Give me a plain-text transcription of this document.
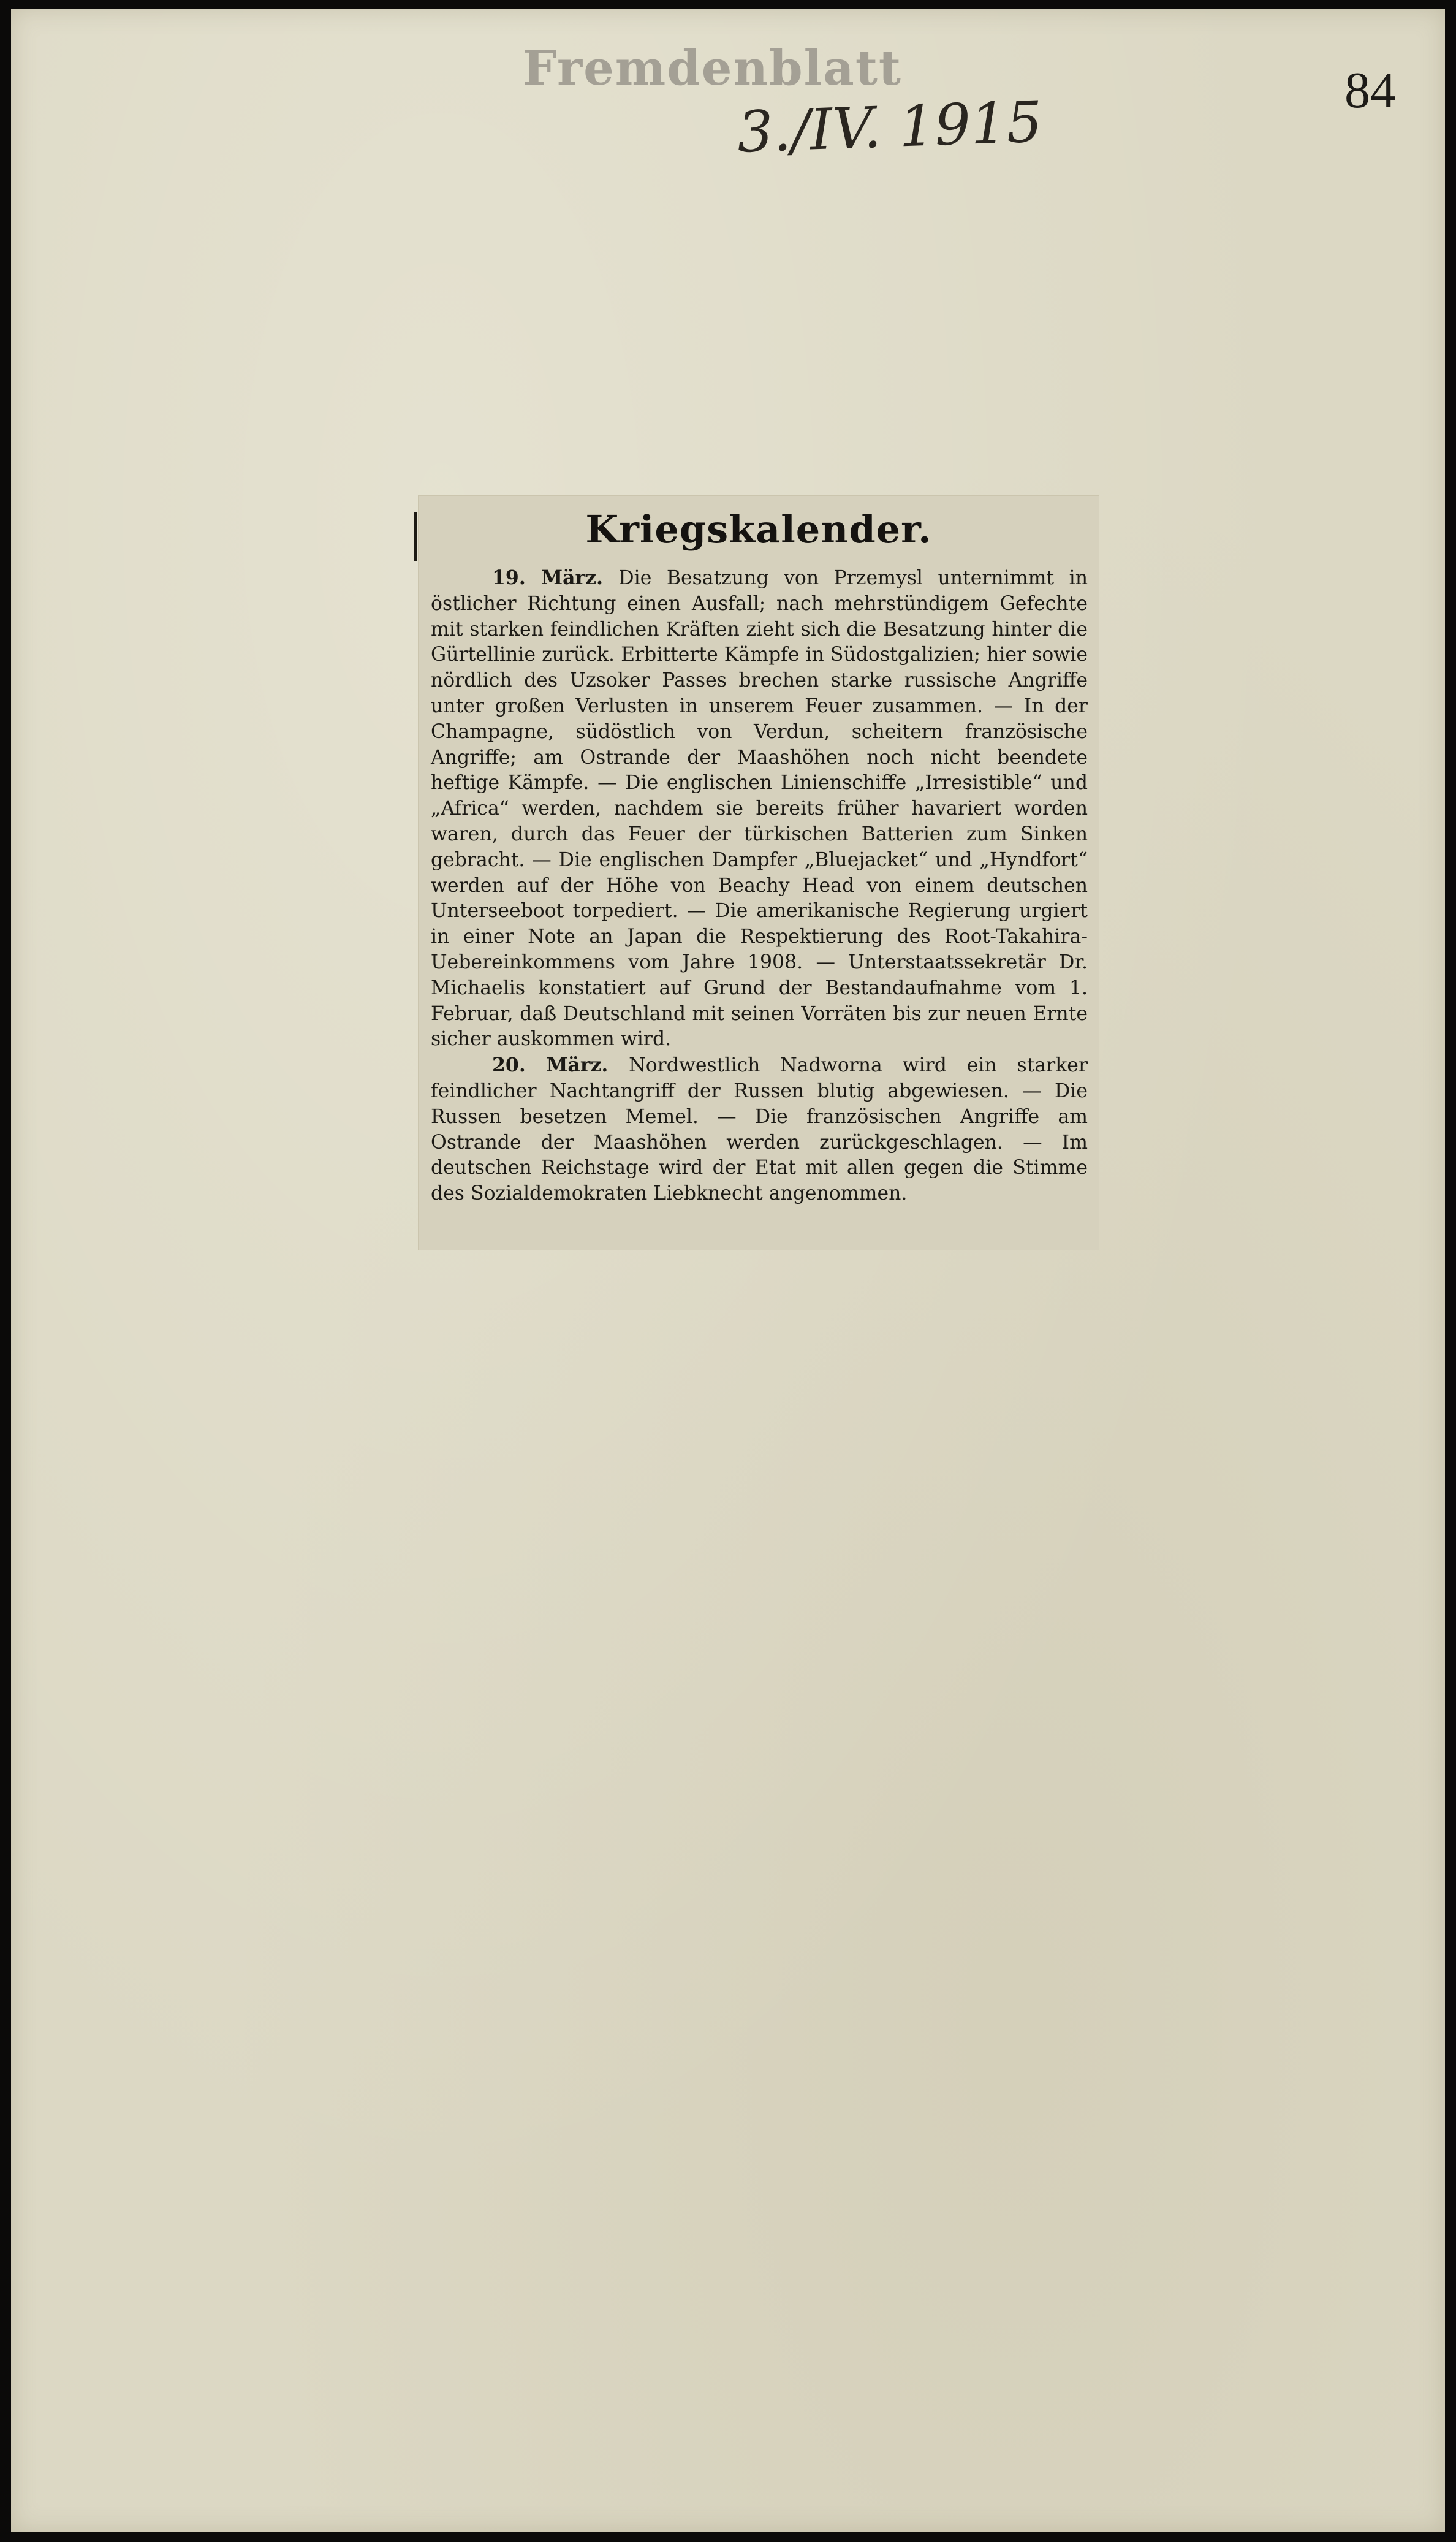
Fremdenblatt
3./IV. 1915	84
Kriegskalender.

19. März. Die Besatzung von Przemysl unternimmt in östlicher Richtung einen Ausfall; nach mehrstündigem Gefechte mit starken feindlichen Kräften zieht sich die Besatzung hinter die Gürtellinie zurück. Erbitterte Kämpfe in Südostgalizien; hier sowie nördlich des Uzsoker Passes brechen starke russische Angriffe unter großen Verlusten in unserem Feuer zusammen. — In der Champagne, südöstlich von Verdun, scheitern französische Angriffe; am Ostrande der Maashöhen noch nicht beendete heftige Kämpfe. — Die englischen Linienschiffe „Irresistible“ und „Africa“ werden, nachdem sie bereits früher havariert worden waren, durch das Feuer der türkischen Batterien zum Sinken gebracht. — Die englischen Dampfer „Bluejacket“ und „Hyndfort“ werden auf der Höhe von Beachy Head von einem deutschen Unterseeboot torpediert. — Die amerikanische Regierung urgiert in einer Note an Japan die Respektierung des Root-Takahira-Uebereinkommens vom Jahre 1908. — Unterstaatssekretär Dr. Michaelis konstatiert auf Grund der Bestandaufnahme vom 1. Februar, daß Deutschland mit seinen Vorräten bis zur neuen Ernte sicher auskommen wird.

20. März. Nordwestlich Nadworna wird ein starker feindlicher Nachtangriff der Russen blutig abgewiesen. — Die Russen besetzen Memel. — Die französischen Angriffe am Ostrande der Maashöhen werden zurückgeschlagen. — Im deutschen Reichstage wird der Etat mit allen gegen die Stimme des Sozialdemokraten Liebknecht angenommen.
